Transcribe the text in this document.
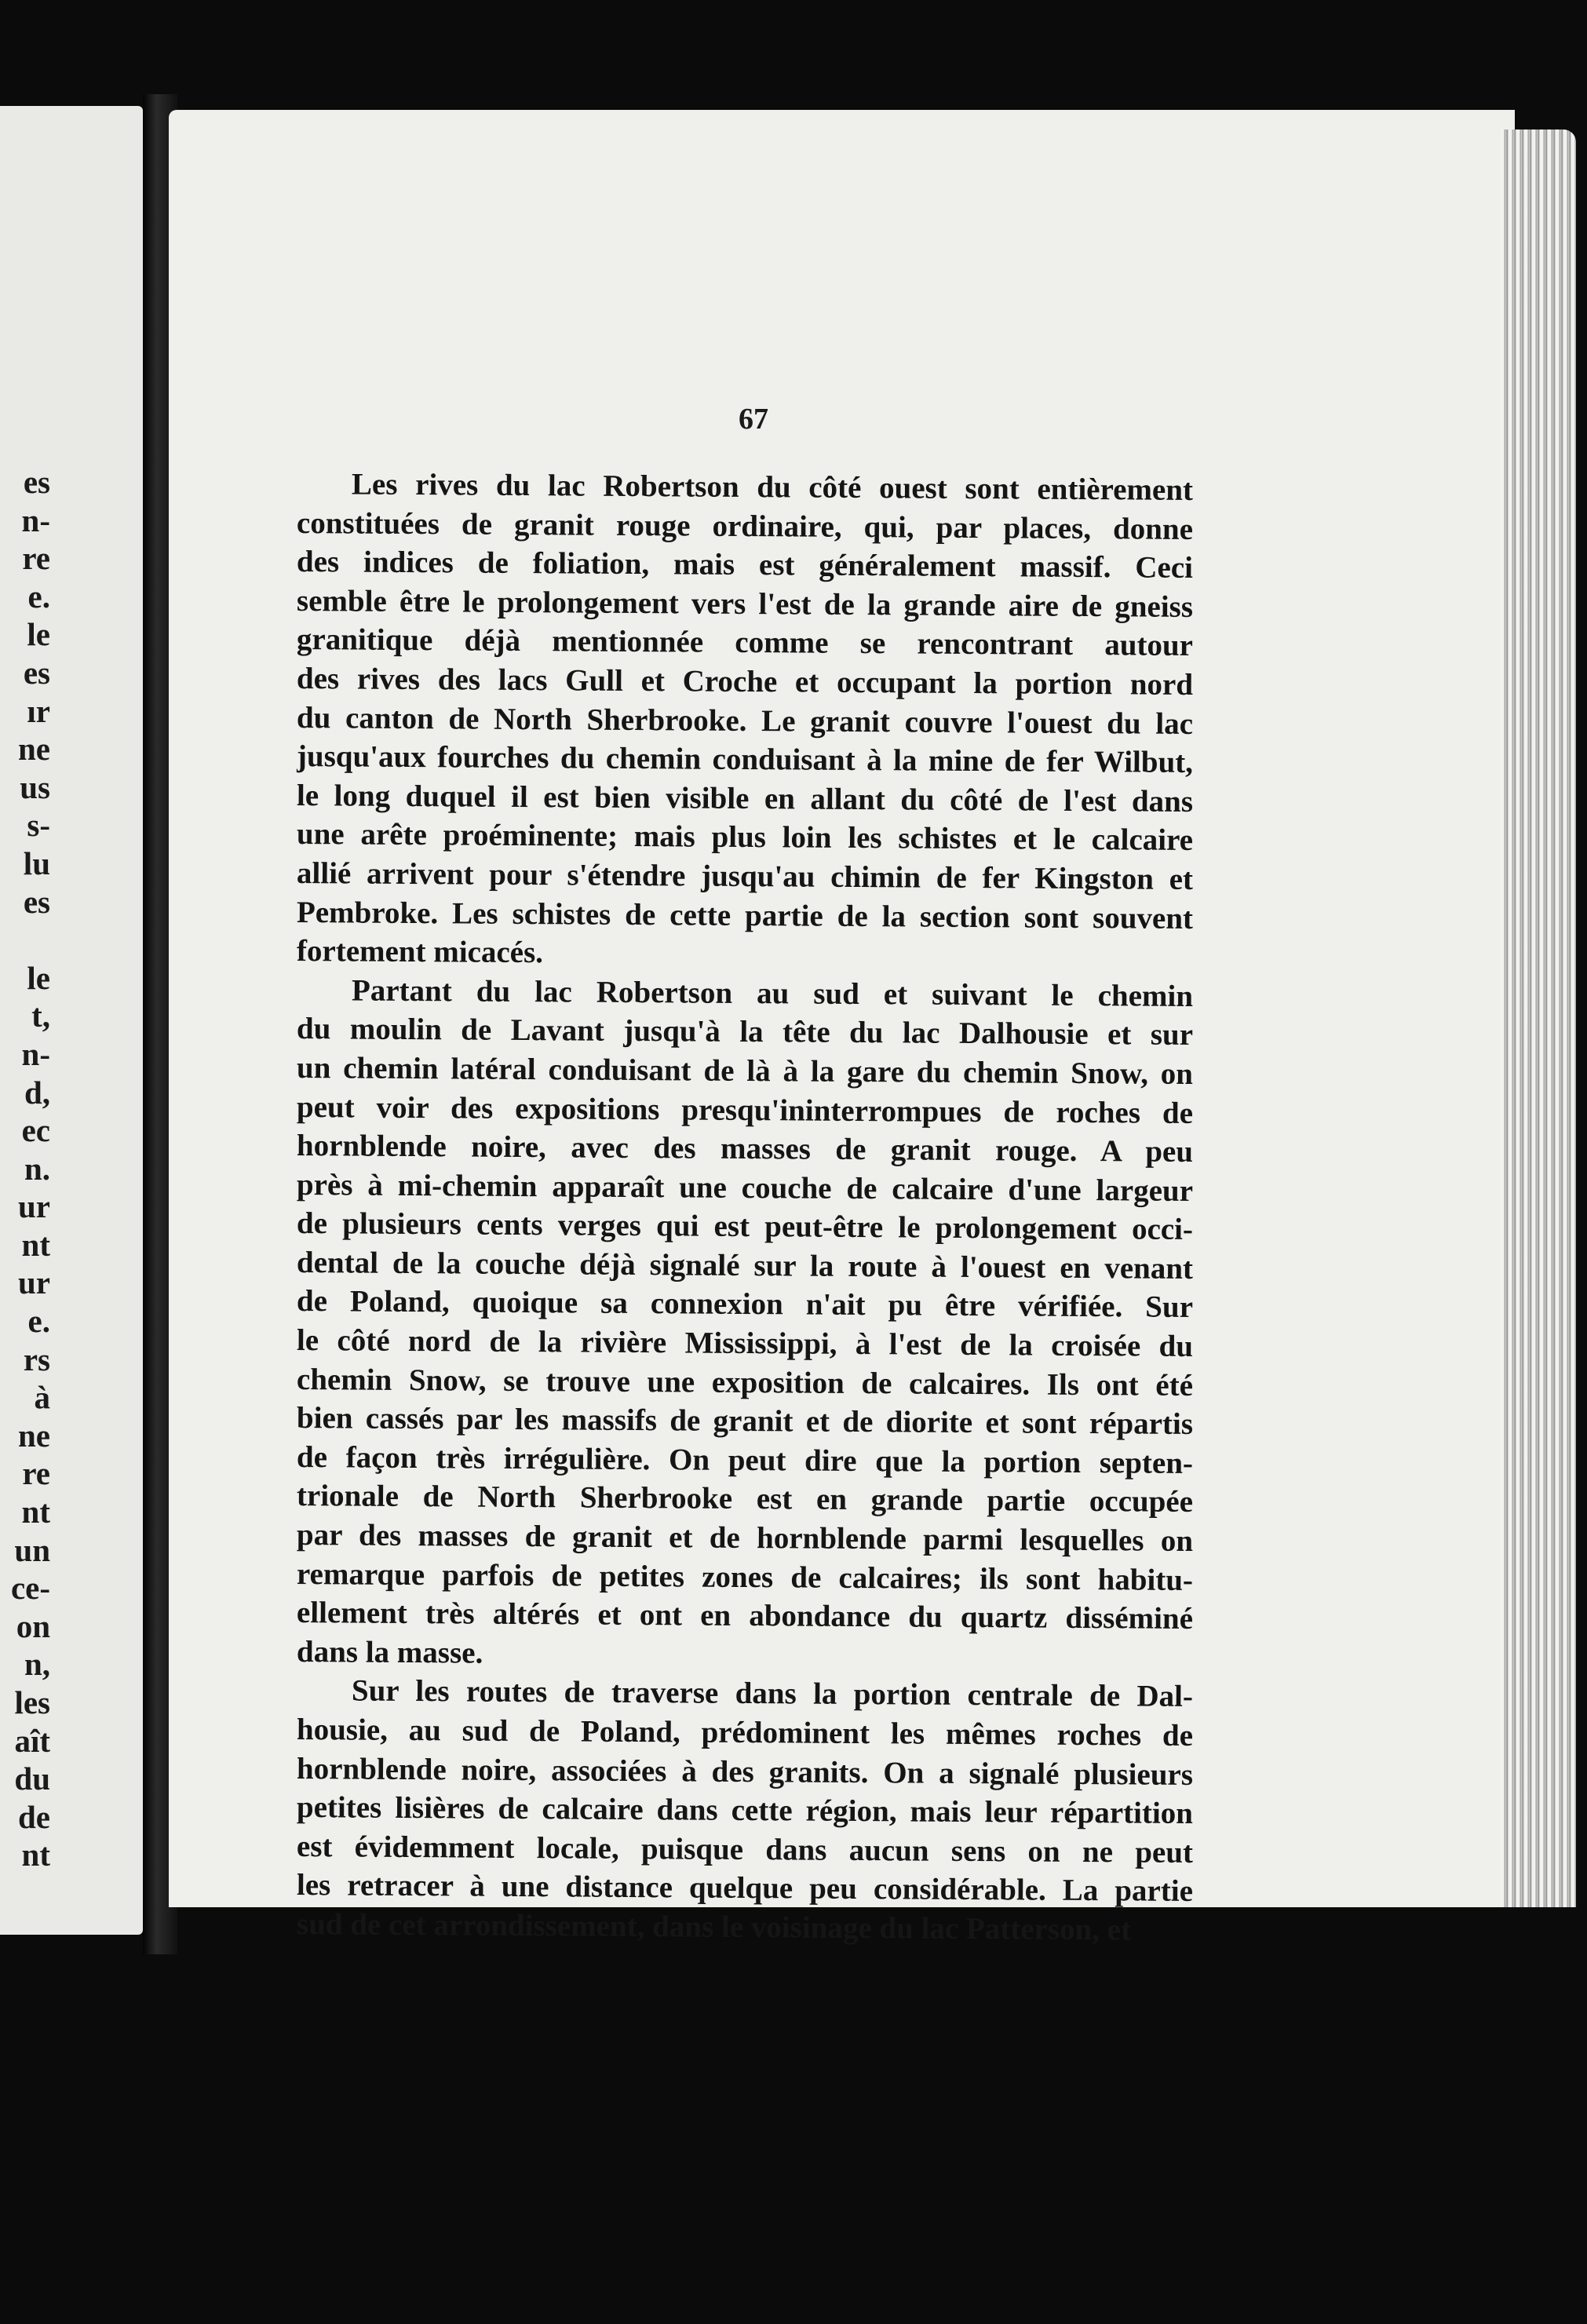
es
n-
re
e.
le
es
ır
ne
us
s-
lu
es
le
t,
n-
d,
ec
n.
ur
nt
ur
e.
rs
à
ne
re
nt
un
ce-
on
n,
les
aît
du
de
nt

67

Les rives du lac Robertson du côté ouest sont entièrement
constituées de granit rouge ordinaire, qui, par places, donne
des indices de foliation, mais est généralement massif. Ceci
semble être le prolongement vers l'est de la grande aire de gneiss
granitique déjà mentionnée comme se rencontrant autour
des rives des lacs Gull et Croche et occupant la portion nord
du canton de North Sherbrooke. Le granit couvre l'ouest du lac
jusqu'aux fourches du chemin conduisant à la mine de fer Wilbut,
le long duquel il est bien visible en allant du côté de l'est dans
une arête proéminente; mais plus loin les schistes et le calcaire
allié arrivent pour s'étendre jusqu'au chimin de fer Kingston et
Pembroke. Les schistes de cette partie de la section sont souvent
fortement micacés.

Partant du lac Robertson au sud et suivant le chemin
du moulin de Lavant jusqu'à la tête du lac Dalhousie et sur
un chemin latéral conduisant de là à la gare du chemin Snow, on
peut voir des expositions presqu'ininterrompues de roches de
hornblende noire, avec des masses de granit rouge. A peu
près à mi-chemin apparaît une couche de calcaire d'une largeur
de plusieurs cents verges qui est peut-être le prolongement occi-
dental de la couche déjà signalé sur la route à l'ouest en venant
de Poland, quoique sa connexion n'ait pu être vérifiée. Sur
le côté nord de la rivière Mississippi, à l'est de la croisée du
chemin Snow, se trouve une exposition de calcaires. Ils ont été
bien cassés par les massifs de granit et de diorite et sont répartis
de façon très irrégulière. On peut dire que la portion septen-
trionale de North Sherbrooke est en grande partie occupée
par des masses de granit et de hornblende parmi lesquelles on
remarque parfois de petites zones de calcaires; ils sont habitu-
ellement très altérés et ont en abondance du quartz disséminé
dans la masse.

Sur les routes de traverse dans la portion centrale de Dal-
housie, au sud de Poland, prédominent les mêmes roches de
hornblende noire, associées à des granits. On a signalé plusieurs
petites lisières de calcaire dans cette région, mais leur répartition
est évidemment locale, puisque dans aucun sens on ne peut
les retracer à une distance quelque peu considérable. La partie
sud de cet arrondissement, dans le voisinage du lac Patterson, et
